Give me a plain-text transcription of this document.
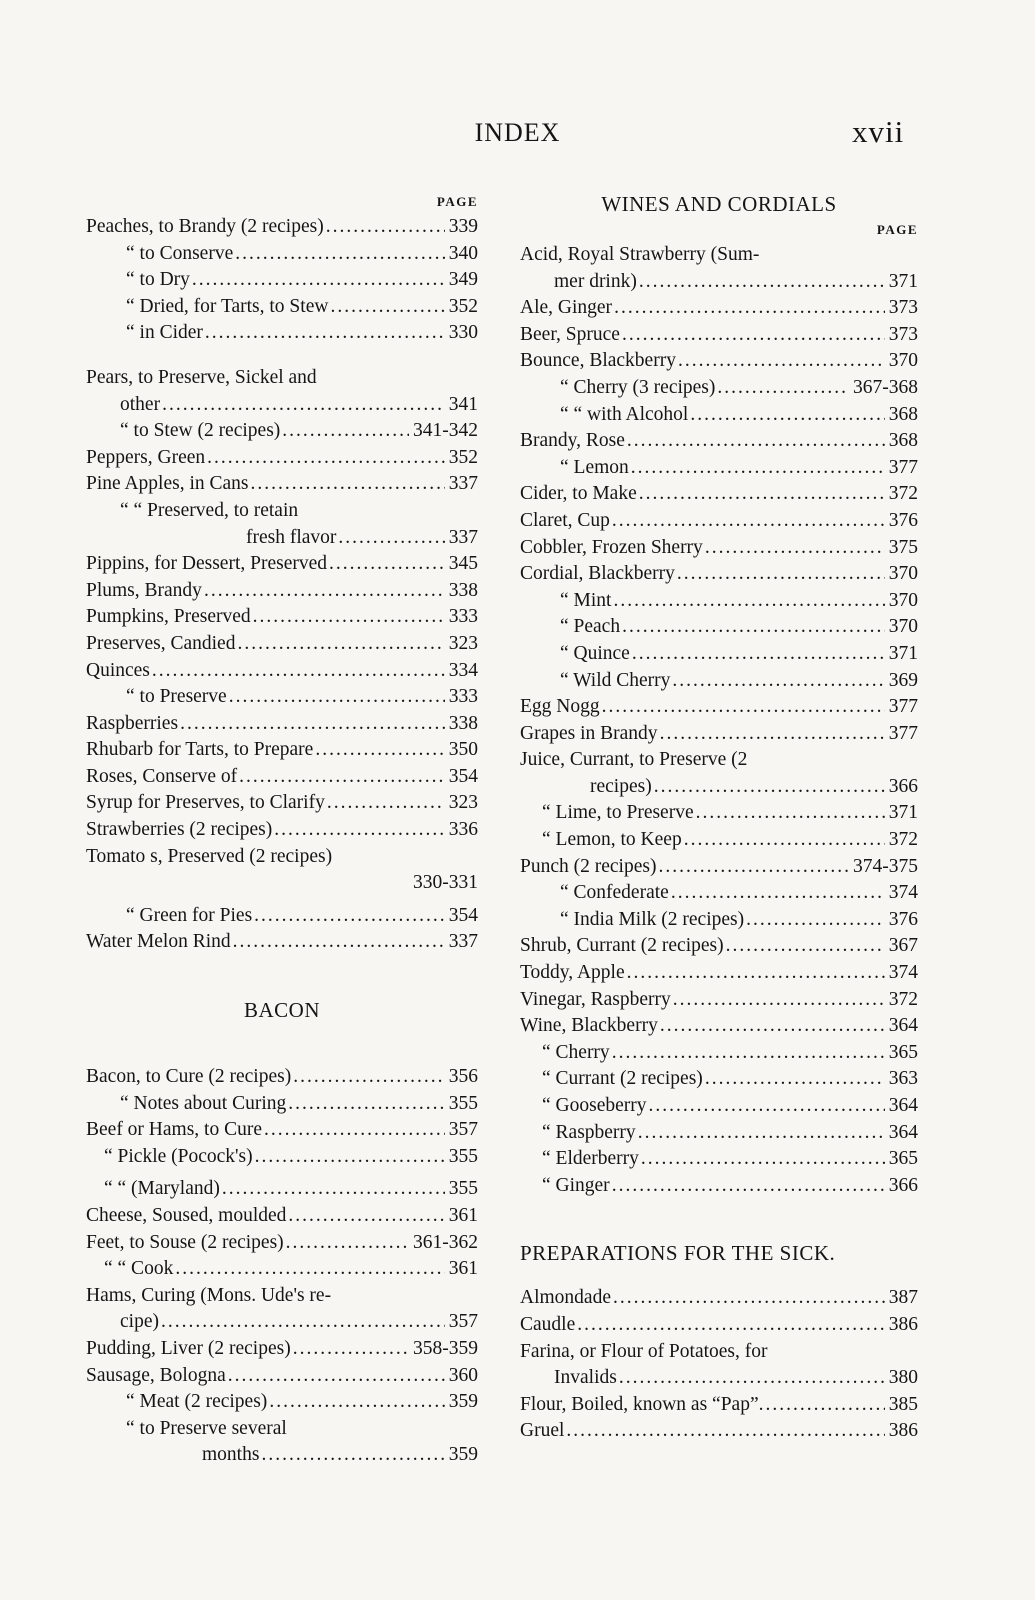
INDEX	xvii
PAGE
Peaches, to Brandy (2 recipes) .....	339
“ to Conserve .....	340
“ to Dry .....	349
“ Dried, for Tarts, to Stew .....	352
“ in Cider .....	330
Pears, to Preserve, Sickel and
other .....	341
“ to Stew (2 recipes) .....	341-342
Peppers, Green .....	352
Pine Apples, in Cans .....	337
“ “ Preserved, to retain
fresh flavor .....	337
Pippins, for Dessert, Preserved .....	345
Plums, Brandy .....	338
Pumpkins, Preserved .....	333
Preserves, Candied .....	323
Quinces .....	334
“ to Preserve .....	333
Raspberries .....	338
Rhubarb for Tarts, to Prepare .....	350
Roses, Conserve of .....	354
Syrup for Preserves, to Clarify .....	323
Strawberries (2 recipes) .....	336
Tomato s, Preserved (2 recipes)
330-331
“ Green for Pies .....	354
Water Melon Rind .....	337
BACON
Bacon, to Cure (2 recipes) .....	356
“ Notes about Curing .....	355
Beef or Hams, to Cure .....	357
“ Pickle (Pocock's) .....	355
“ “ (Maryland) .....	355
Cheese, Soused, moulded .....	361
Feet, to Souse (2 recipes) .....	361-362
“ “ Cook .....	361
Hams, Curing (Mons. Ude's re-
cipe) .....	357
Pudding, Liver (2 recipes) .....	358-359
Sausage, Bologna .....	360
“ Meat (2 recipes) .....	359
“ to Preserve several
months .....	359
WINES AND CORDIALS
PAGE
Acid, Royal Strawberry (Sum-
mer drink) .....	371
Ale, Ginger .....	373
Beer, Spruce .....	373
Bounce, Blackberry .....	370
“ Cherry (3 recipes) .....	367-368
“ “ with Alcohol .....	368
Brandy, Rose .....	368
“ Lemon .....	377
Cider, to Make .....	372
Claret, Cup .....	376
Cobbler, Frozen Sherry .....	375
Cordial, Blackberry .....	370
“ Mint .....	370
“ Peach .....	370
“ Quince .....	371
“ Wild Cherry .....	369
Egg Nogg .....	377
Grapes in Brandy .....	377
Juice, Currant, to Preserve (2
recipes) .....	366
“ Lime, to Preserve .....	371
“ Lemon, to Keep .....	372
Punch (2 recipes) .....	374-375
“ Confederate .....	374
“ India Milk (2 recipes) .....	376
Shrub, Currant (2 recipes) .....	367
Toddy, Apple .....	374
Vinegar, Raspberry .....	372
Wine, Blackberry .....	364
“ Cherry .....	365
“ Currant (2 recipes) .....	363
“ Gooseberry .....	364
“ Raspberry .....	364
“ Elderberry .....	365
“ Ginger .....	366
PREPARATIONS FOR THE SICK.
Almondade .....	387
Caudle .....	386
Farina, or Flour of Potatoes, for
Invalids .....	380
Flour, Boiled, known as “Pap”. .....	385
Gruel .....	386
